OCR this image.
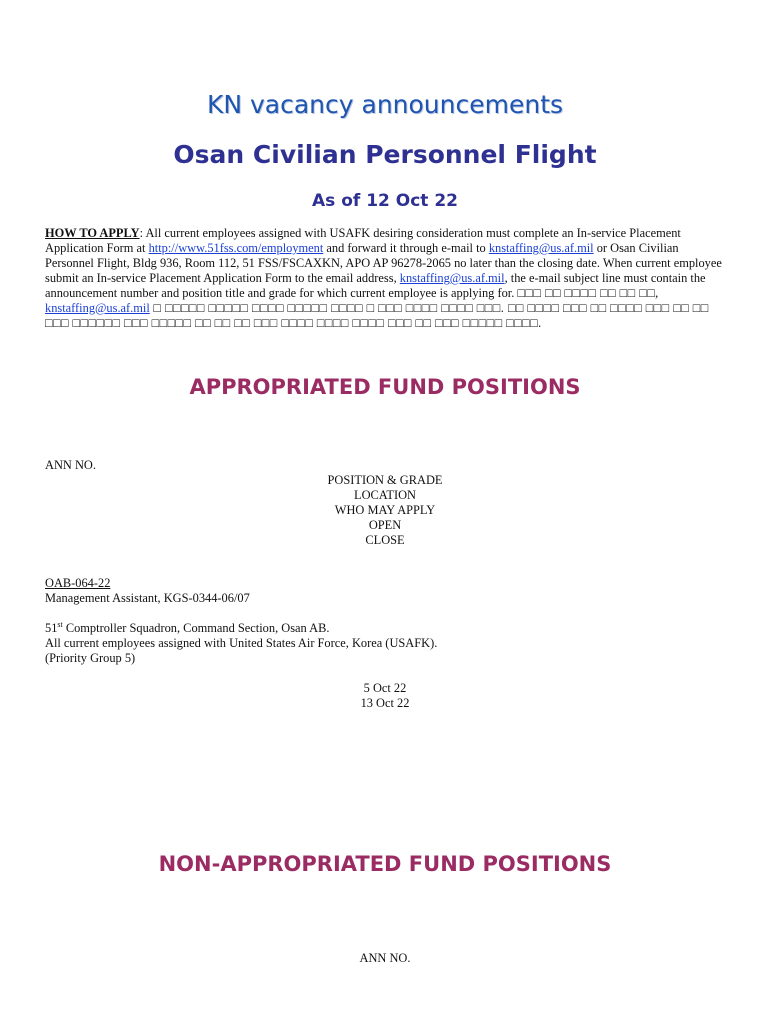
KN vacancy announcements
Osan Civilian Personnel Flight
As of 12 Oct 22
HOW TO APPLY: All current employees assigned with USAFK desiring consideration must complete an In-service Placement Application Form at http://www.51fss.com/employment and forward it through e-mail to knstaffing@us.af.mil or Osan Civilian Personnel Flight, Bldg 936, Room 112, 51 FSS/FSCAXKN, APO AP 96278-2065 no later than the closing date. When current employee submit an In-service Placement Application Form to the email address, knstaffing@us.af.mil, the e-mail subject line must contain the announcement number and position title and grade for which current employee is applying for. □□□ □□ □□□□ □□ □□ □□, knstaffing@us.af.mil □ □□□□□ □□□□□ □□□□ □□□□□ □□□□ □ □□□ □□□□ □□□□ □□□. □□ □□□□ □□□ □□ □□□□ □□□ □□ □□ □□□ □□□□□□ □□□ □□□□□ □□ □□ □□ □□□ □□□□ □□□□ □□□□ □□□ □□ □□□ □□□□□ □□□□.
APPROPRIATED FUND POSITIONS
ANN NO.
POSITION & GRADE
LOCATION
WHO MAY APPLY
OPEN
CLOSE
OAB-064-22
Management Assistant, KGS-0344-06/07
51st Comptroller Squadron, Command Section, Osan AB.
All current employees assigned with United States Air Force, Korea (USAFK).
(Priority Group 5)
5 Oct 22
13 Oct 22
NON-APPROPRIATED FUND POSITIONS
ANN NO.
